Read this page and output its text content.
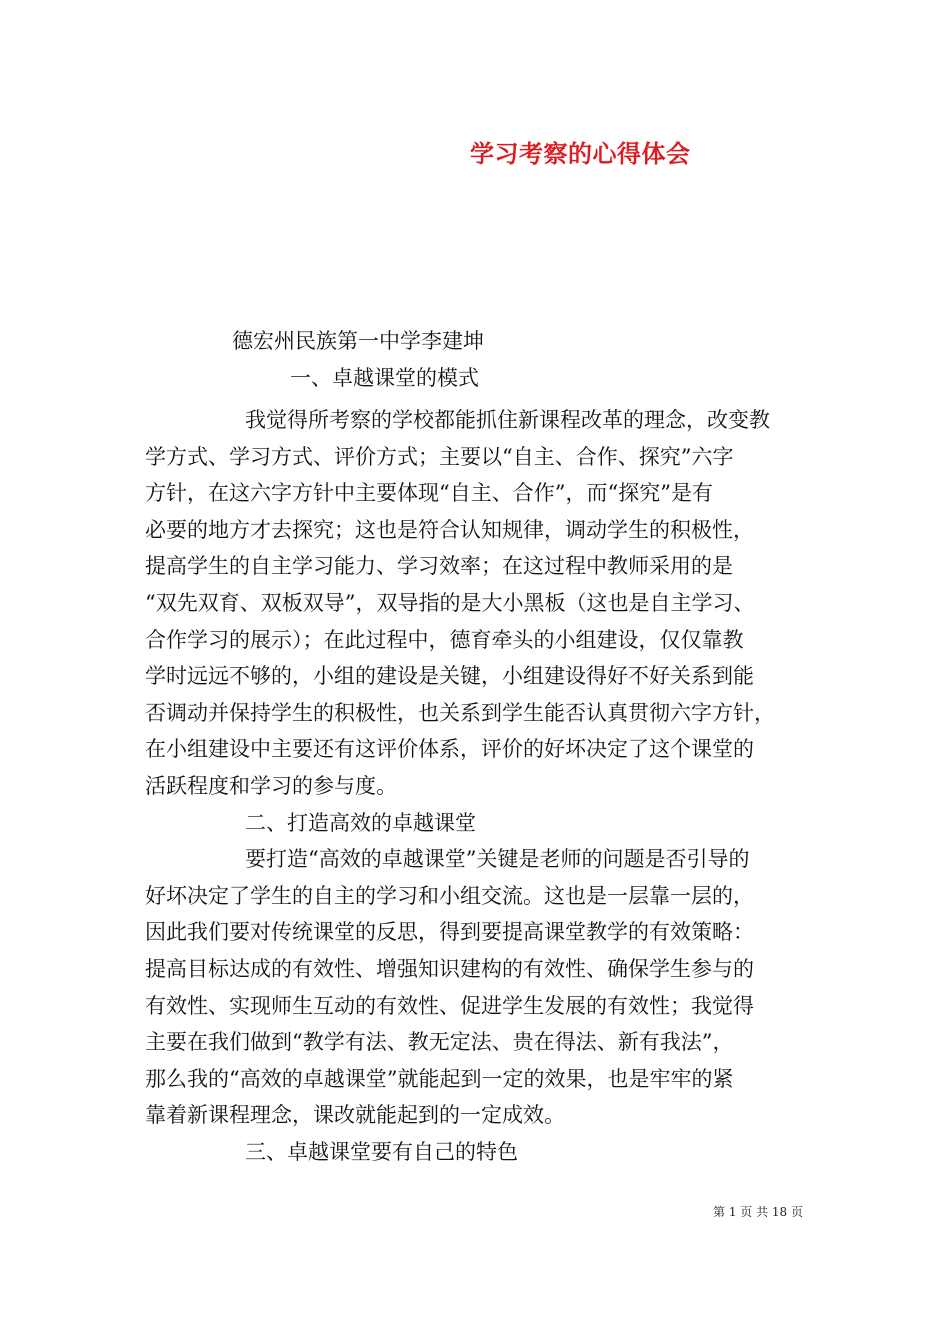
学习考察的心得体会
德宏州民族第一中学李建坤
一、卓越课堂的模式
我觉得所考察的学校都能抓住新课程改革的理念，改变教
学方式、学习方式、评价方式；主要以“自主、合作、探究”六字
方针，在这六字方针中主要体现“自主、合作”，而“探究”是有
必要的地方才去探究；这也是符合认知规律，调动学生的积极性，
提高学生的自主学习能力、学习效率；在这过程中教师采用的是
“双先双育、双板双导”，双导指的是大小黑板（这也是自主学习、
合作学习的展示）；在此过程中，德育牵头的小组建设，仅仅靠教
学时远远不够的，小组的建设是关键，小组建设得好不好关系到能
否调动并保持学生的积极性，也关系到学生能否认真贯彻六字方针，
在小组建设中主要还有这评价体系，评价的好坏决定了这个课堂的
活跃程度和学习的参与度。
二、打造高效的卓越课堂
要打造“高效的卓越课堂”关键是老师的问题是否引导的
好坏决定了学生的自主的学习和小组交流。这也是一层靠一层的，
因此我们要对传统课堂的反思，得到要提高课堂教学的有效策略：
提高目标达成的有效性、增强知识建构的有效性、确保学生参与的
有效性、实现师生互动的有效性、促进学生发展的有效性；我觉得
主要在我们做到“教学有法、教无定法、贵在得法、新有我法”，
那么我的“高效的卓越课堂”就能起到一定的效果，也是牢牢的紧
靠着新课程理念，课改就能起到的一定成效。
三、卓越课堂要有自己的特色
第 1 页 共 18 页
